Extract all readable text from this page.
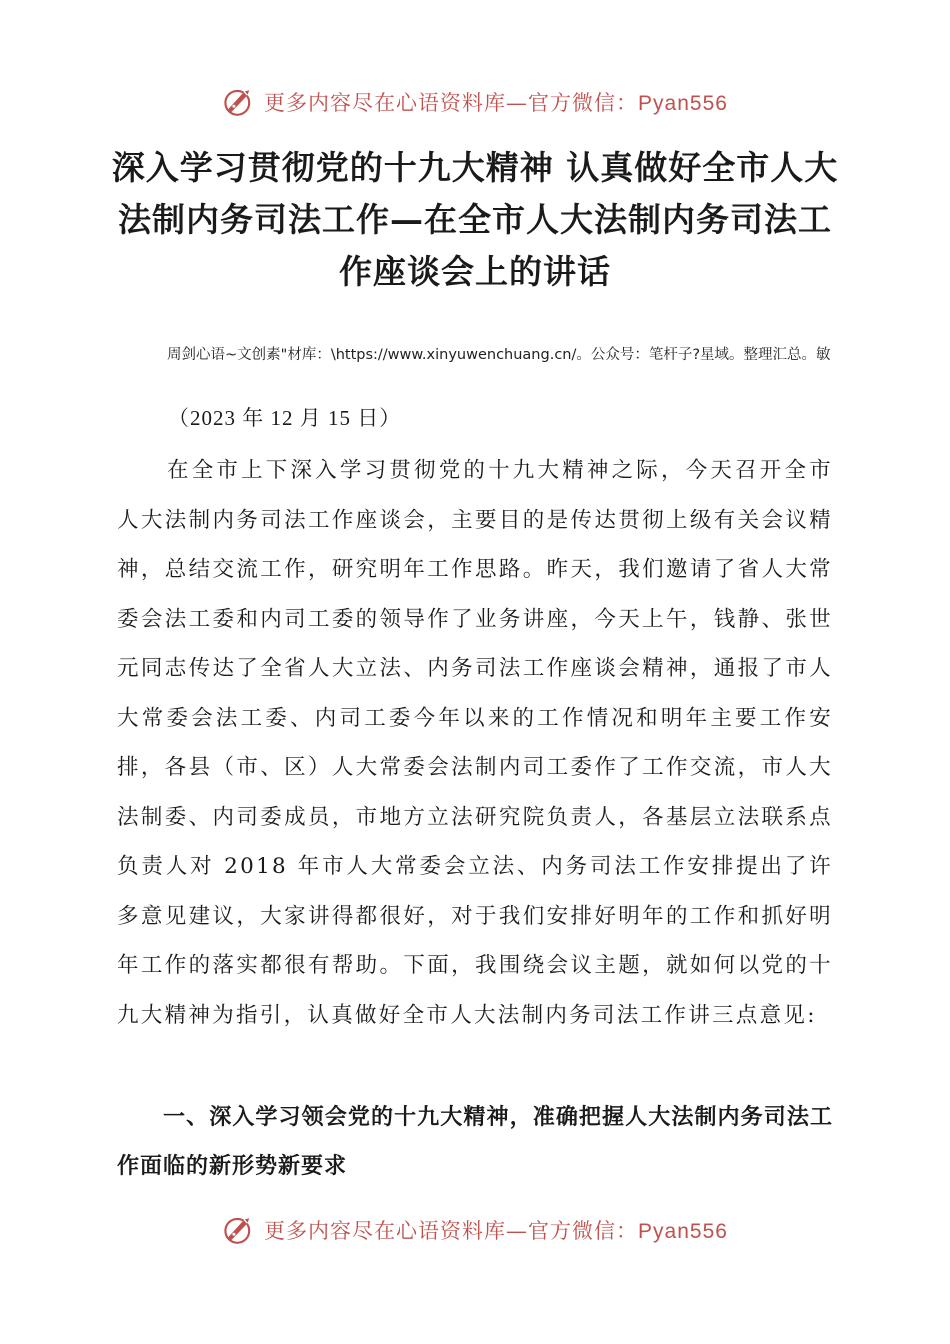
更多内容尽在心语资料库—官方微信：Pyan556
深入学习贯彻党的十九大精神 认真做好全市人大法制内务司法工作—在全市人大法制内务司法工作座谈会上的讲话

周剑心语~文创素"材库：\https://www.xinyuwenchuang.cn/。公众号：笔杆子?星域。整理汇总。敏

（2023 年 12 月 15 日）

在全市上下深入学习贯彻党的十九大精神之际，今天召开全市人大法制内务司法工作座谈会，主要目的是传达贯彻上级有关会议精神，总结交流工作，研究明年工作思路。昨天，我们邀请了省人大常委会法工委和内司工委的领导作了业务讲座，今天上午，钱静、张世元同志传达了全省人大立法、内务司法工作座谈会精神，通报了市人大常委会法工委、内司工委今年以来的工作情况和明年主要工作安排，各县（市、区）人大常委会法制内司工委作了工作交流，市人大法制委、内司委成员，市地方立法研究院负责人，各基层立法联系点负责人对 2018 年市人大常委会立法、内务司法工作安排提出了许多意见建议，大家讲得都很好，对于我们安排好明年的工作和抓好明年工作的落实都很有帮助。下面，我围绕会议主题，就如何以党的十九大精神为指引，认真做好全市人大法制内务司法工作讲三点意见:

一、深入学习领会党的十九大精神，准确把握人大法制内务司法工作面临的新形势新要求

更多内容尽在心语资料库—官方微信：Pyan556
